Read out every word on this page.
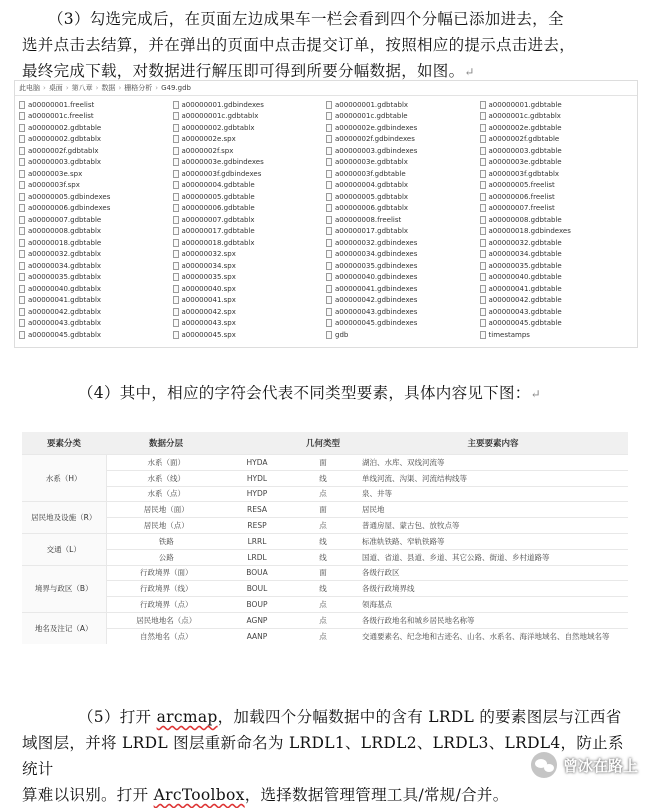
（3）勾选完成后，在页面左边成果车一栏会看到四个分幅已添加进去，全
选并点击去结算，并在弹出的页面中点击提交订单，按照相应的提示点击进去，
最终完成下载，对数据进行解压即可得到所要分幅数据，如图。↵
此电脑 › 桌面 › 第八章 › 数据 › 栅格分析 › G49.gdb
a00000001.freelist
a0000001c.freelist
a00000002.gdbtable
a00000002.gdbtablx
a0000002f.gdbtablx
a00000003.gdbtablx
a0000003e.spx
a0000003f.spx
a00000005.gdbindexes
a00000006.gdbindexes
a00000007.gdbtable
a00000008.gdbtablx
a00000018.gdbtable
a00000032.gdbtablx
a00000034.gdbtablx
a00000035.gdbtablx
a00000040.gdbtablx
a00000041.gdbtablx
a00000042.gdbtablx
a00000043.gdbtablx
a00000045.gdbtablx
a00000001.gdbindexes
a00000001c.gdbtablx
a00000002.gdbtablx
a0000002e.spx
a0000002f.spx
a0000003e.gdbindexes
a0000003f.gdbindexes
a00000004.gdbtable
a00000005.gdbtable
a00000006.gdbtable
a00000007.gdbtablx
a00000017.gdbtable
a00000018.gdbtablx
a00000032.spx
a00000034.spx
a00000035.spx
a00000040.spx
a00000041.spx
a00000042.spx
a00000043.spx
a00000045.spx
a00000001.gdbtablx
a0000001c.gdbtable
a0000002e.gdbindexes
a0000002f.gdbindexes
a00000003.gdbindexes
a0000003e.gdbtablx
a0000003f.gdbtable
a00000004.gdbtablx
a00000005.gdbtablx
a00000006.gdbtablx
a00000008.freelist
a00000017.gdbtablx
a00000032.gdbindexes
a00000034.gdbindexes
a00000035.gdbindexes
a00000040.gdbindexes
a00000041.gdbindexes
a00000042.gdbindexes
a00000043.gdbindexes
a00000045.gdbindexes
gdb
a00000001.gdbtable
a0000001c.gdbtablx
a0000002e.gdbtable
a0000002f.gdbtable
a00000003.gdbtable
a0000003e.gdbtable
a0000003f.gdbtablx
a00000005.freelist
a00000006.freelist
a00000007.freelist
a00000008.gdbtable
a00000018.gdbindexes
a00000032.gdbtable
a00000034.gdbtable
a00000035.gdbtable
a00000040.gdbtable
a00000041.gdbtable
a00000042.gdbtable
a00000043.gdbtable
a00000045.gdbtable
timestamps
（4）其中，相应的字符会代表不同类型要素，具体内容见下图：↵
要素分类	数据分层		几何类型	主要要素内容
水系（H）	水系（面）	HYDA	面	湖泊、水库、双线河流等
	水系（线）	HYDL	线	单线河流、沟渠、河流结构线等
	水系（点）	HYDP	点	泉、井等
居民地及设施（R）	居民地（面）	RESA	面	居民地
	居民地（点）	RESP	点	普通房屋、蒙古包、放牧点等
交通（L）	铁路	LRRL	线	标准轨铁路、窄轨铁路等
	公路	LRDL	线	国道、省道、县道、乡道、其它公路、街道、乡村道路等
境界与政区（B）	行政境界（面）	BOUA	面	各级行政区
	行政境界（线）	BOUL	线	各级行政境界线
	行政境界（点）	BOUP	点	领海基点
地名及注记（A）	居民地地名（点）	AGNP	点	各级行政地名和城乡居民地名称等
	自然地名（点）	AANP	点	交通要素名、纪念地和古迹名、山名、水系名、海洋地域名、自然地域名等
（5）打开 arcmap，加载四个分幅数据中的含有 LRDL 的要素图层与江西省
域图层，并将 LRDL 图层重新命名为 LRDL1、LRDL2、LRDL3、LRDL4，防止系统计
算难以识别。打开 ArcToolbox，选择数据管理管理工具/常规/合并。
曾冰在路上
